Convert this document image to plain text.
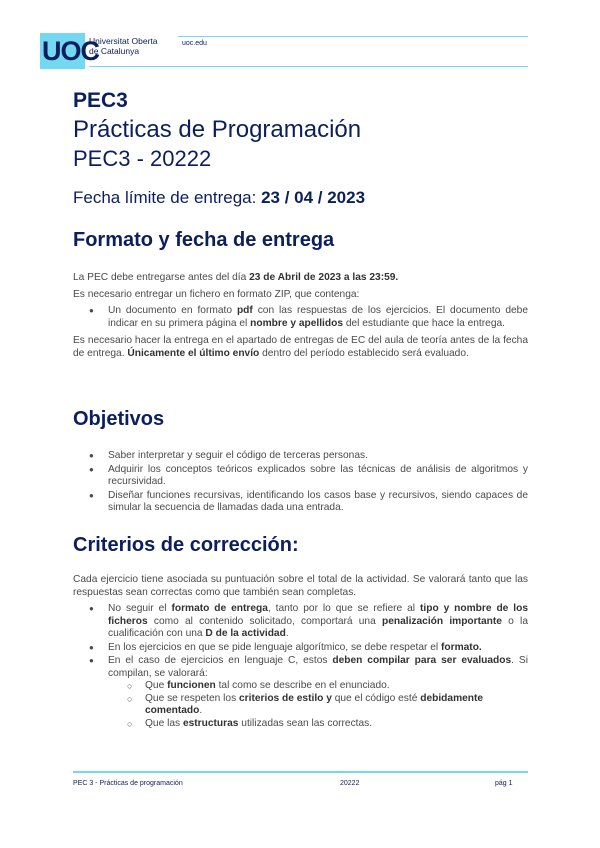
UOC
Universitat Oberta
de Catalunya
uoc.edu
PEC3
Prácticas de Programación
PEC3 - 20222
Fecha límite de entrega: 23 / 04 / 2023
Formato y fecha de entrega

La PEC debe entregarse antes del día 23 de Abril de 2023 a las 23:59.

Es necesario entregar un fichero en formato ZIP, que contenga:

● Un documento en formato pdf con las respuestas de los ejercicios. El documento debe indicar en su primera página el nombre y apellidos del estudiante que hace la entrega.

Es necesario hacer la entrega en el apartado de entregas de EC del aula de teoría antes de la fecha de entrega. Únicamente el último envío dentro del período establecido será evaluado.

Objetivos
● Saber interpretar y seguir el código de terceras personas.
● Adquirir los conceptos teóricos explicados sobre las técnicas de análisis de algoritmos y recursividad.
● Diseñar funciones recursivas, identificando los casos base y recursivos, siendo capaces de simular la secuencia de llamadas dada una entrada.
Criterios de corrección:

Cada ejercicio tiene asociada su puntuación sobre el total de la actividad. Se valorará tanto que las respuestas sean correctas como que también sean completas.

● No seguir el formato de entrega, tanto por lo que se refiere al tipo y nombre de los ficheros como al contenido solicitado, comportará una penalización importante o la cualificación con una D de la actividad.
● En los ejercicios en que se pide lenguaje algorítmico, se debe respetar el formato.
● En el caso de ejercicios en lenguaje C, estos deben compilar para ser evaluados. Si compilan, se valorará:
○ Que funcionen tal como se describe en el enunciado.
○ Que se respeten los criterios de estilo y que el código esté debidamente comentado.
○ Que las estructuras utilizadas sean las correctas.
PEC 3 - Prácticas de programación	20222	pág 1
